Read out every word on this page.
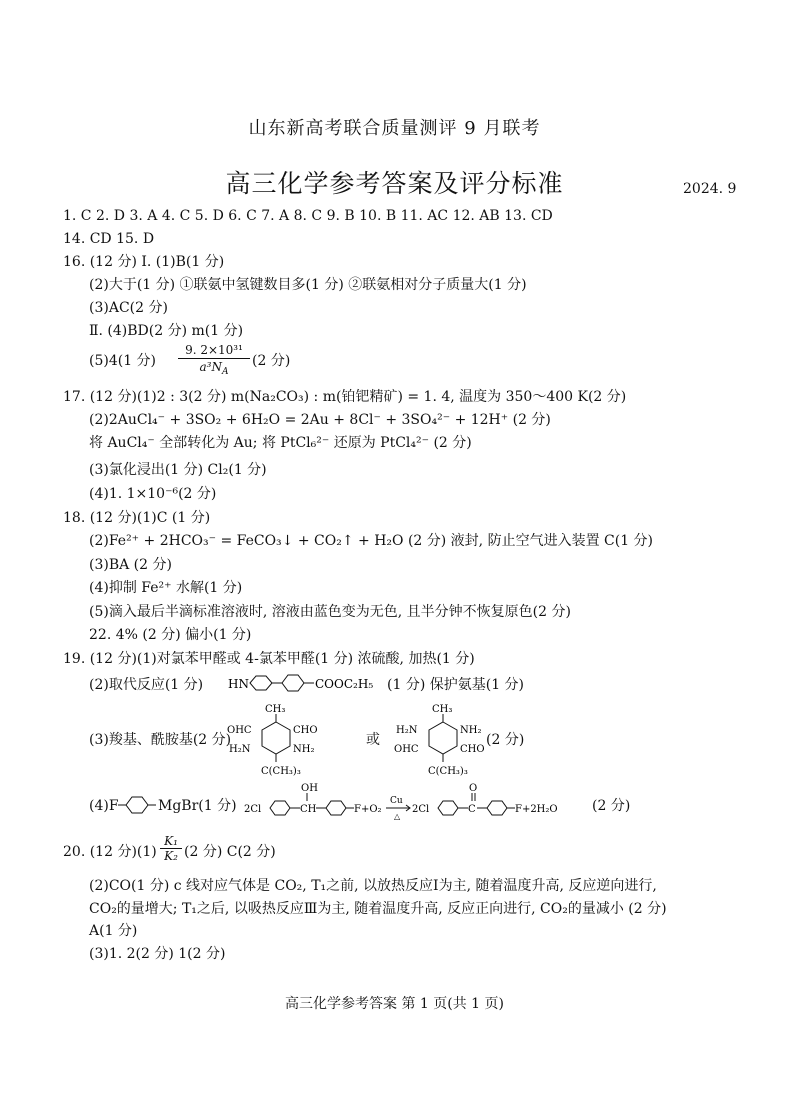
山东新高考联合质量测评 9 月联考
高三化学参考答案及评分标准	2024. 9
1. C 2. D 3. A 4. C 5. D 6. C 7. A 8. C 9. B 10. B 11. AC 12. AB 13. CD
14. CD 15. D
16. (12 分) Ⅰ. (1)B(1 分)
(2)大于(1 分) ①联氨中氢键数目多(1 分) ②联氨相对分子质量大(1 分)
(3)AC(2 分)
Ⅱ. (4)BD(2 分) m(1 分)
(5)4(1 分) $\frac{\text{9. 2×10³¹}}{a^3N_A} (2$ 分)
17. (12 分)(1)2 : 3(2 分) m(Na₂CO₃) : m(铂钯精矿) = 1. 4, 温度为 350～400 K(2 分)
(2)2AuCl₄⁻ + 3SO₂ + 6H₂O = 2Au + 8Cl⁻ + 3SO₄²⁻ + 12H⁺ (2 分)
将 AuCl₄⁻ 全部转化为 Au; 将 PtCl₆²⁻ 还原为 PtCl₄²⁻ (2 分)
(3)氯化浸出(1 分) Cl₂(1 分)
(4)1. 1×10⁻⁶(2 分)
18. (12 分)(1)C (1 分)
(2)Fe²⁺ + 2HCO₃⁻ = FeCO₃↓ + CO₂↑ + H₂O (2 分) 液封, 防止空气进入装置 C(1 分)
(3)BA (2 分)
(4)抑制 Fe²⁺ 水解(1 分)
(5)滴入最后半滴标准溶液时, 溶液由蓝色变为无色, 且半分钟不恢复原色(2 分)
22. 4% (2 分) 偏小(1 分)
19. (12 分)(1)对氯苯甲醛或 4-氯苯甲醛(1 分) 浓硫酸, 加热(1 分)
(2)取代反应(1 分) HN	COOC₂H₅ (1 分) 保护氨基(1 分)
(3)羧基、酰胺基(2 分)
CH₃
OHC	CHO
H₂N	NH₂
C(CH₃)₃
或
CH₃
H₂N	NH₂
OHC	CHO
C(CH₃)₃
(2 分)
(4)F	MgBr(1 分) 2Cl	CH
OH
F+O₂
Cu
△
2Cl	C
O
F+2H₂O (2 分)
20. (12 分)(1)
K₁
K₂ (2 分) C(2 分)
(2)CO(1 分) c 线对应气体是 CO₂, T₁之前, 以放热反应Ⅰ为主, 随着温度升高, 反应逆向进行,
CO₂的量增大; T₁之后, 以吸热反应Ⅲ为主, 随着温度升高, 反应正向进行, CO₂的量减小 (2 分)
A(1 分)
(3)1. 2(2 分) 1(2 分)
高三化学参考答案 第 1 页(共 1 页)
